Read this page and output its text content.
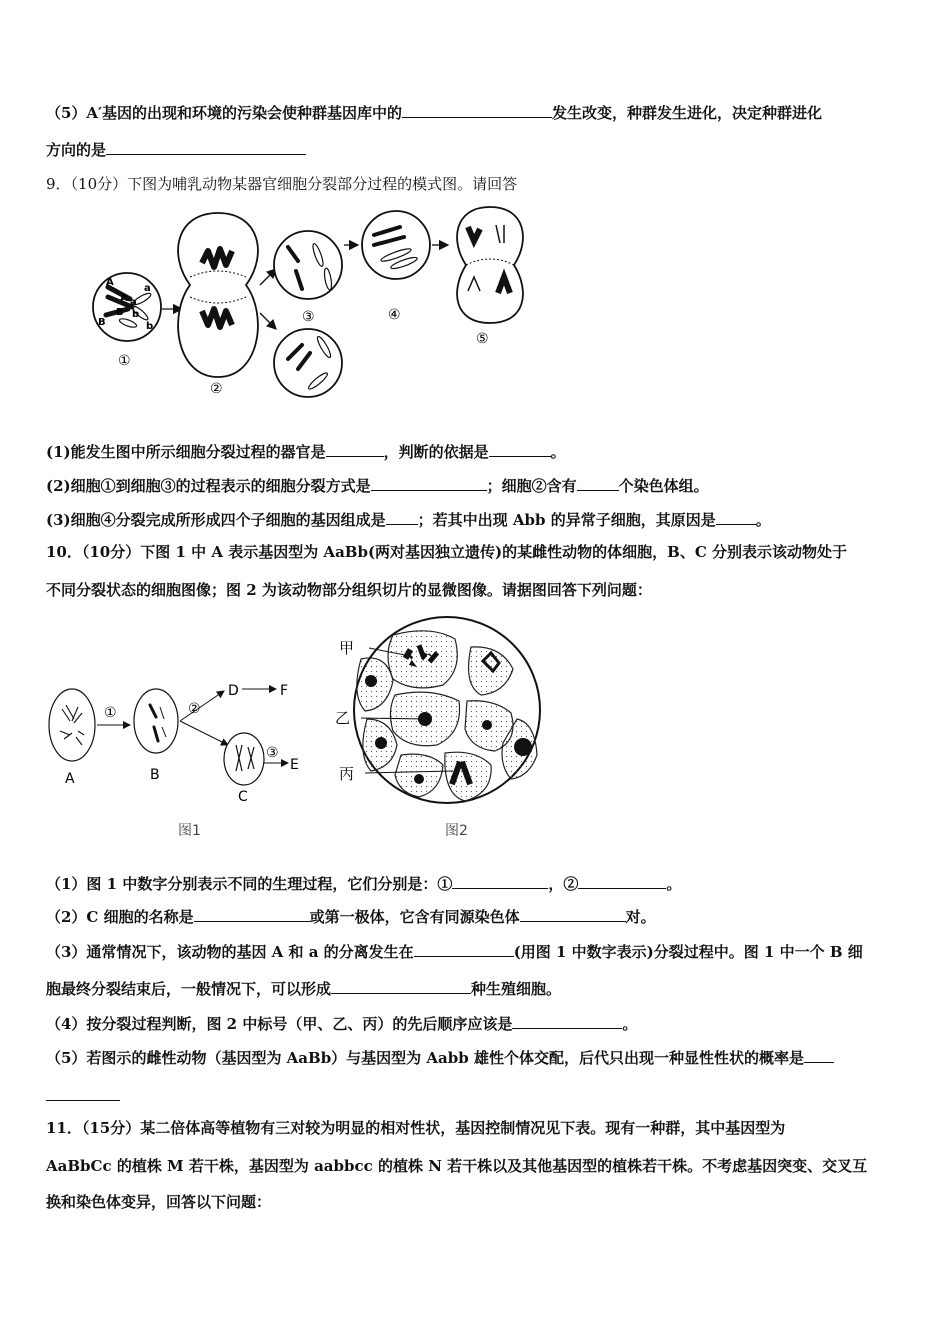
（5）A′基因的出现和环境的污染会使种群基因库中的	发生改变，种群发生进化，决定种群进化
方向的是
9．（10分）下图为哺乳动物某器官细胞分裂部分过程的模式图。请回答
A
A
a
a
B
B b
b
①
②
③	④
⑤
(1)能发生图中所示细胞分裂过程的器官是	，判断的依据是	。
(2)细胞①到细胞③的过程表示的细胞分裂方式是	；细胞②含有	个染色体组。
(3)细胞④分裂完成所形成四个子细胞的基因组成是 ；若其中出现 Abb 的异常子细胞，其原因是	。
10．（10分）下图 1 中 A 表示基因型为 AaBb(两对基因独立遗传)的某雌性动物的体细胞，B、C 分别表示该动物处于
不同分裂状态的细胞图像；图 2 为该动物部分组织切片的显微图像。请据图回答下列问题：
A
①
B
②
D	F
C
③
E
图1
甲
乙
丙
图2
（1）图 1 中数字分别表示不同的生理过程，它们分别是：①	，②	。
（2）C 细胞的名称是	或第一极体，它含有同源染色体	对。
（3）通常情况下，该动物的基因 A 和 a 的分离发生在	(用图 1 中数字表示)分裂过程中。图 1 中一个 B 细
胞最终分裂结束后，一般情况下，可以形成	种生殖细胞。
（4）按分裂过程判断，图 2 中标号（甲、乙、丙）的先后顺序应该是	。
（5）若图示的雌性动物（基因型为 AaBb）与基因型为 Aabb 雄性个体交配，后代只出现一种显性性状的概率是
11．（15分）某二倍体高等植物有三对较为明显的相对性状，基因控制情况见下表。现有一种群，其中基因型为
AaBbCc 的植株 M 若干株，基因型为 aabbcc 的植株 N 若干株以及其他基因型的植株若干株。不考虑基因突变、交叉互
换和染色体变异，回答以下问题：
